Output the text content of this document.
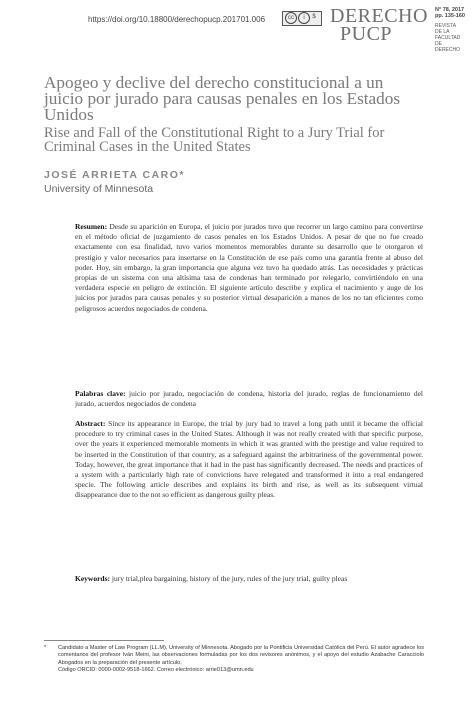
https://doi.org/10.18800/derechopucp.201701.006	cc	i	$ DERECHO
PUCP
N° 78, 2017
pp. 135-160
REVISTA
DE LA FACULTAD
DE DERECHO
Apogeo y declive del derecho constitucional a un juicio por jurado para causas penales en los Estados Unidos
Rise and Fall of the Constitutional Right to a Jury Trial for Criminal Cases in the United States
JOSÉ ARRIETA CARO*
University of Minnesota
Resumen: Desde su aparición en Europa, el juicio por jurados tuvo que recorrer un largo camino para convertirse en el método oficial de juzgamiento de casos penales en los Estados Unidos. A pesar de que no fue creado exactamente con esa finalidad, tuvo varios momentos memorables durante su desarrollo que le otorgaron el prestigio y valor necesarios para insertarse en la Constitución de ese país como una garantía frente al abuso del poder. Hoy, sin embargo, la gran importancia que alguna vez tuvo ha quedado atrás. Las necesidades y prácticas propias de un sistema con una altísima tasa de condenas han terminado por relegarlo, convirtiéndolo en una verdadera especie en peligro de extinción. El siguiente artículo describe y explica el nacimiento y auge de los juicios por jurados para causas penales y su posterior virtual desaparición a manos de los no tan eficientes como peligrosos acuerdos negociados de condena.
Palabras clave: juicio por jurado, negociación de condena, historia del jurado, reglas de funcionamiento del jurado, acuerdos negociados de condena
Abstract: Since its appearance in Europe, the trial by jury had to travel a long path until it became the official procedure to try criminal cases in the United States. Although it was not really created with that specific purpose, over the years it experienced memorable moments in which it was granted with the prestige and value required to be inserted in the Constitution of that country, as a safeguard against the arbitrariness of the governmental power. Today, however, the great importance that it had in the past has significantly decreased. The needs and practices of a system with a particularly high rate of convictions have relegated and transformed it into a real endangered specie. The following article describes and explains its birth and rise, as well as its subsequent virtual disappearance due to the not so efficient as dangerous guilty pleas.
Keywords: jury trial,plea bargaining, history of the jury, rules of the jury trial, guilty pleas
* Candidato a Master of Law Program (LL.M), University of Minnesota. Abogado por la Pontificia Universidad Católica del Perú. El autor agradece los comentarios del profesor Iván Meini, las observaciones formuladas por los dos revisores anónimos, y el apoyo del estudio Azabache Caracciolo Abogados en la preparación del presente artículo.
Código ORCID: 0000-0002-9518-1662. Correo electrónico: arrie013@umn.edu
